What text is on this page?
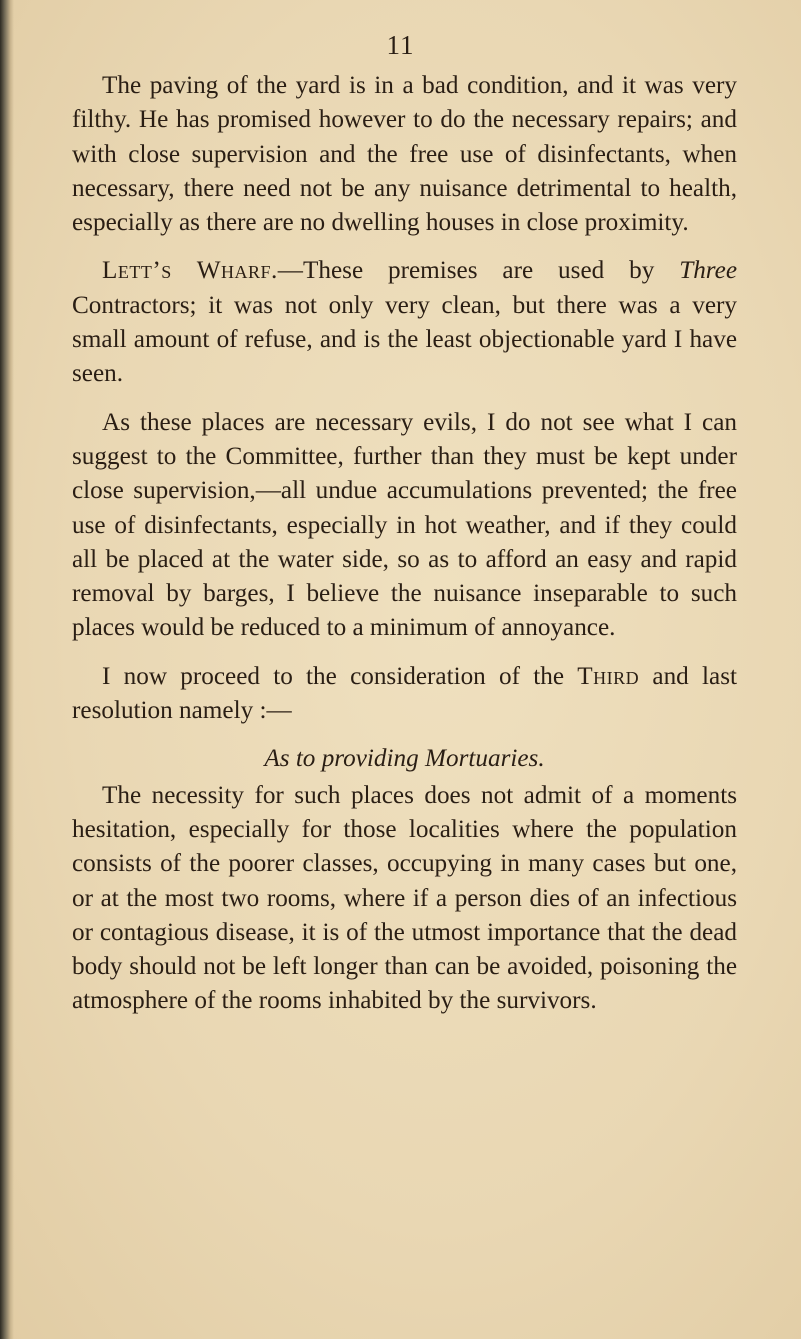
11

The paving of the yard is in a bad condition, and it was very filthy. He has promised however to do the necessary repairs; and with close supervision and the free use of disinfectants, when necessary, there need not be any nuisance detrimental to health, especially as there are no dwelling houses in close proximity.

Lett’s Wharf.—These premises are used by Three Contractors; it was not only very clean, but there was a very small amount of refuse, and is the least objectionable yard I have seen.

As these places are necessary evils, I do not see what I can suggest to the Committee, further than they must be kept under close supervision,—all undue accumulations prevented; the free use of disinfectants, especially in hot weather, and if they could all be placed at the water side, so as to afford an easy and rapid removal by barges, I believe the nuisance inseparable to such places would be reduced to a minimum of annoyance.

I now proceed to the consideration of the Third and last resolution namely :—

As to providing Mortuaries.

The necessity for such places does not admit of a moments hesitation, especially for those localities where the population consists of the poorer classes, occupying in many cases but one, or at the most two rooms, where if a person dies of an infectious or contagious disease, it is of the utmost importance that the dead body should not be left longer than can be avoided, poisoning the atmosphere of the rooms inhabited by the survivors.
